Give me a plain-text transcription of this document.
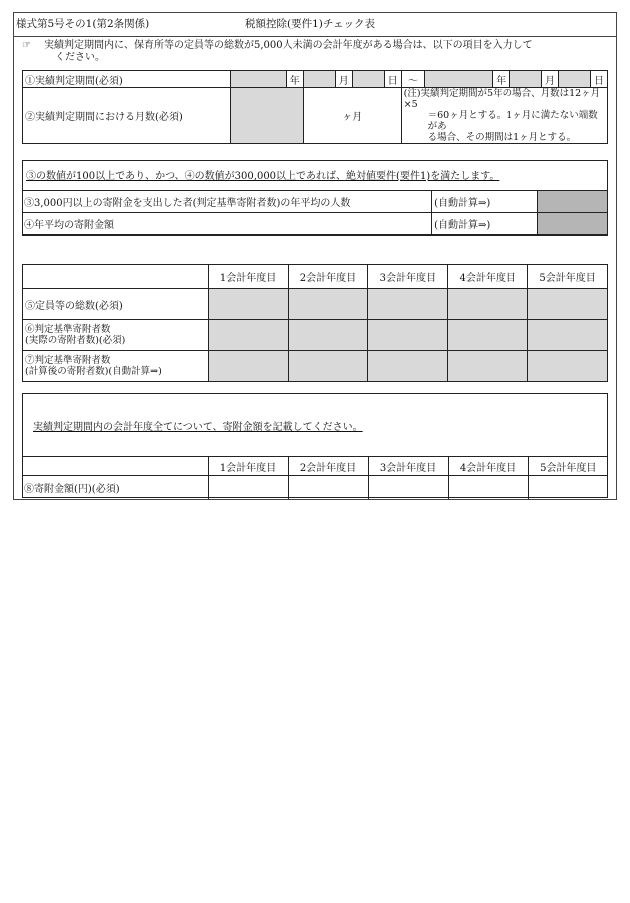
様式第5号その1(第2条関係)	税額控除(要件1)チェック表
☞ 実績判定期間内に、保育所等の定員等の総数が5,000人未満の会計年度がある場合は、以下の項目を入力して
ください。
①実績判定期間(必須)		年		月		日	～		年		月		日
②実績判定期間における月数(必須)			ヶ月				(注)実績判定期間が5年の場合、月数は12ヶ月×5
＝60ヶ月とする。1ヶ月に満たない端数があ
る場合、その期間は1ヶ月とする。						
③の数値が100以上であり、かつ、④の数値が300,000以上であれば、絶対値要件(要件1)を満たします。
③3,000円以上の寄附金を支出した者(判定基準寄附者数)の年平均の人数	(自動計算⇒)	
④年平均の寄附金額	(自動計算⇒)	
	1会計年度目	2会計年度目	3会計年度目	4会計年度目	5会計年度目
⑤定員等の総数(必須)					

⑥判定基準寄附者数
(実際の寄附者数)(必須)					

⑦判定基準寄附者数
(計算後の寄附者数)(自動計算⇒)					

実績判定期間内の会計年度全てについて、寄附金額を記載してください。
	1会計年度目	2会計年度目	3会計年度目	4会計年度目	5会計年度目
⑧寄附金額(円)(必須)					
